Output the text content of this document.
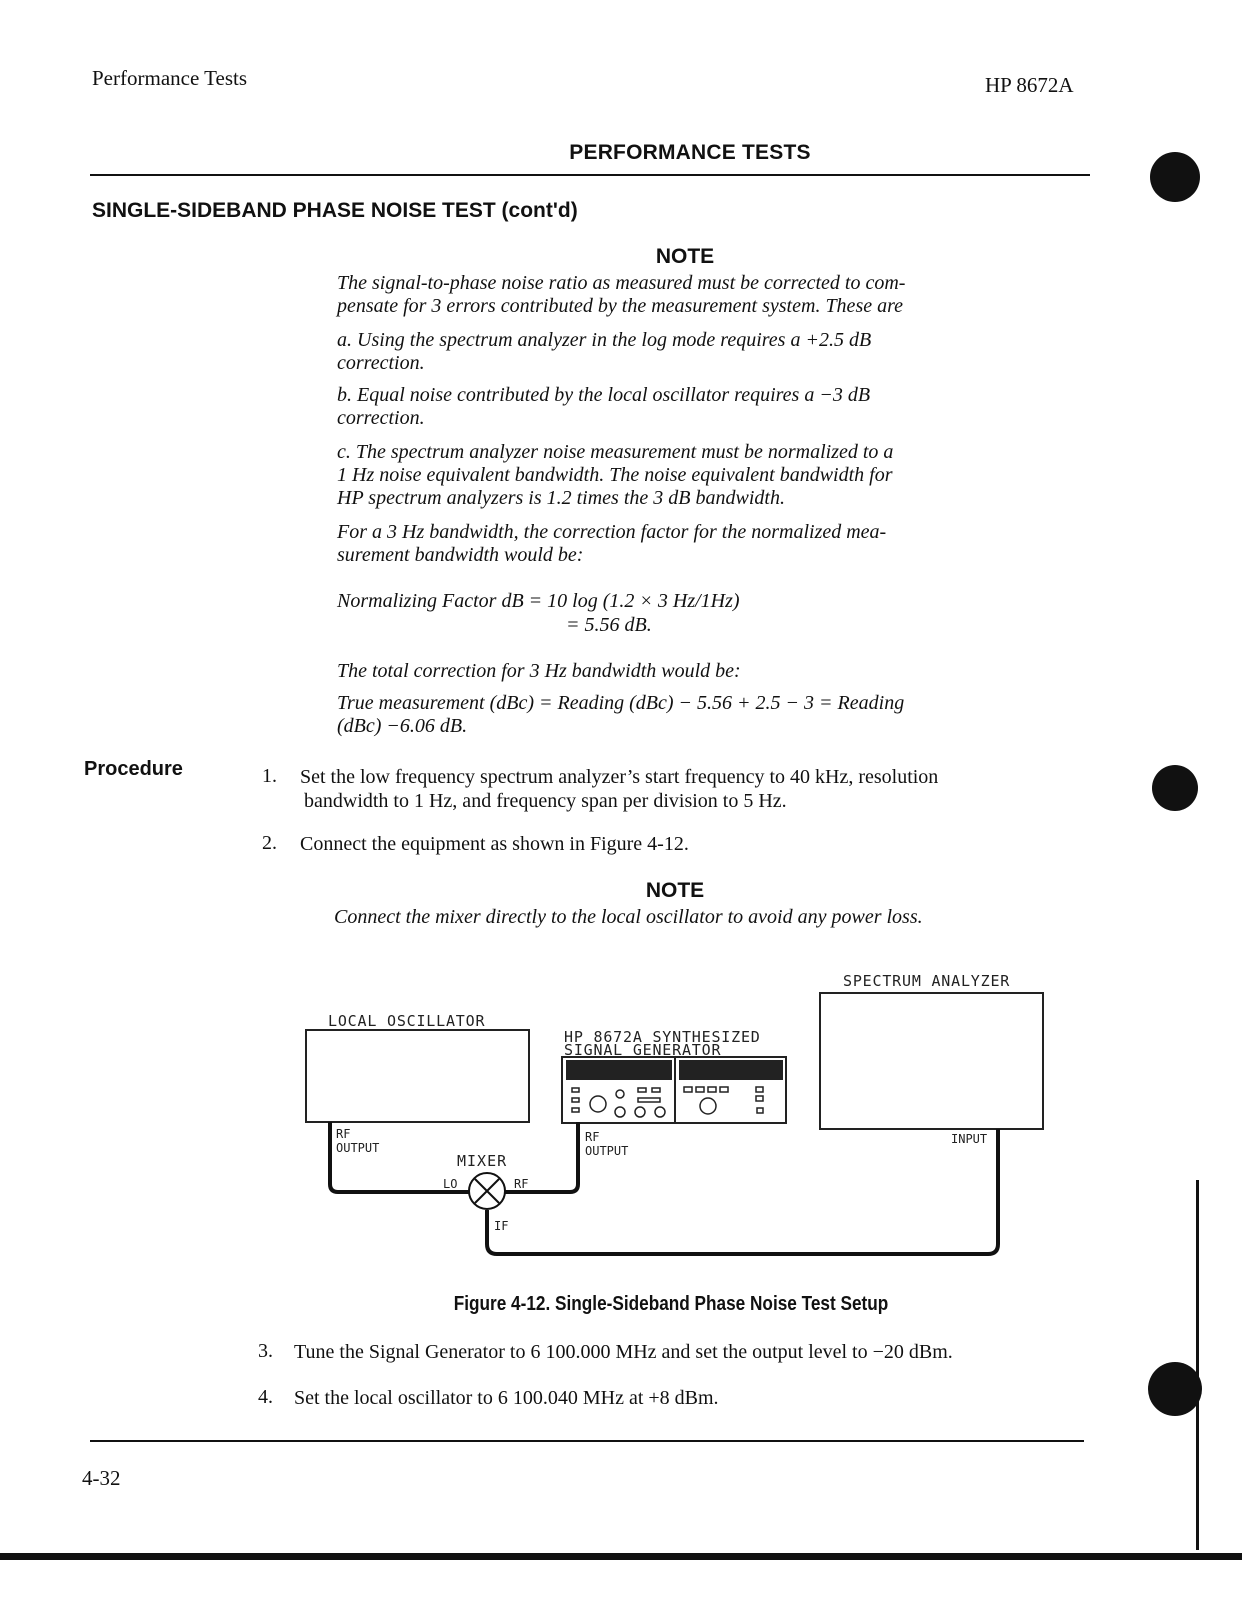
Performance Tests	HP 8672A
PERFORMANCE TESTS
SINGLE-SIDEBAND PHASE NOISE TEST (cont'd)
NOTE
The signal-to-phase noise ratio as measured must be corrected to com-
pensate for 3 errors contributed by the measurement system. These are
a. Using the spectrum analyzer in the log mode requires a +2.5 dB
correction.
b. Equal noise contributed by the local oscillator requires a −3 dB
correction.
c. The spectrum analyzer noise measurement must be normalized to a
1 Hz noise equivalent bandwidth. The noise equivalent bandwidth for
HP spectrum analyzers is 1.2 times the 3 dB bandwidth.
For a 3 Hz bandwidth, the correction factor for the normalized mea-
surement bandwidth would be:
Normalizing Factor dB = 10 log (1.2 × 3 Hz/1Hz)
= 5.56 dB.
The total correction for 3 Hz bandwidth would be:
True measurement (dBc) = Reading (dBc) − 5.56 + 2.5 − 3 = Reading
(dBc) −6.06 dB.
Procedure	1. Set the low frequency spectrum analyzer’s start frequency to 40 kHz, resolution
bandwidth to 1 Hz, and frequency span per division to 5 Hz.
2. Connect the equipment as shown in Figure 4-12.
NOTE
Connect the mixer directly to the local oscillator to avoid any power loss.
LOCAL OSCILLATOR
HP 8672A SYNTHESIZED
SIGNAL GENERATOR
SPECTRUM ANALYZER
RF
OUTPUT
RF
OUTPUT
MIXER
LO	RF
IF
INPUT
Figure 4-12. Single-Sideband Phase Noise Test Setup
3. Tune the Signal Generator to 6 100.000 MHz and set the output level to −20 dBm.
4. Set the local oscillator to 6 100.040 MHz at +8 dBm.
4-32
